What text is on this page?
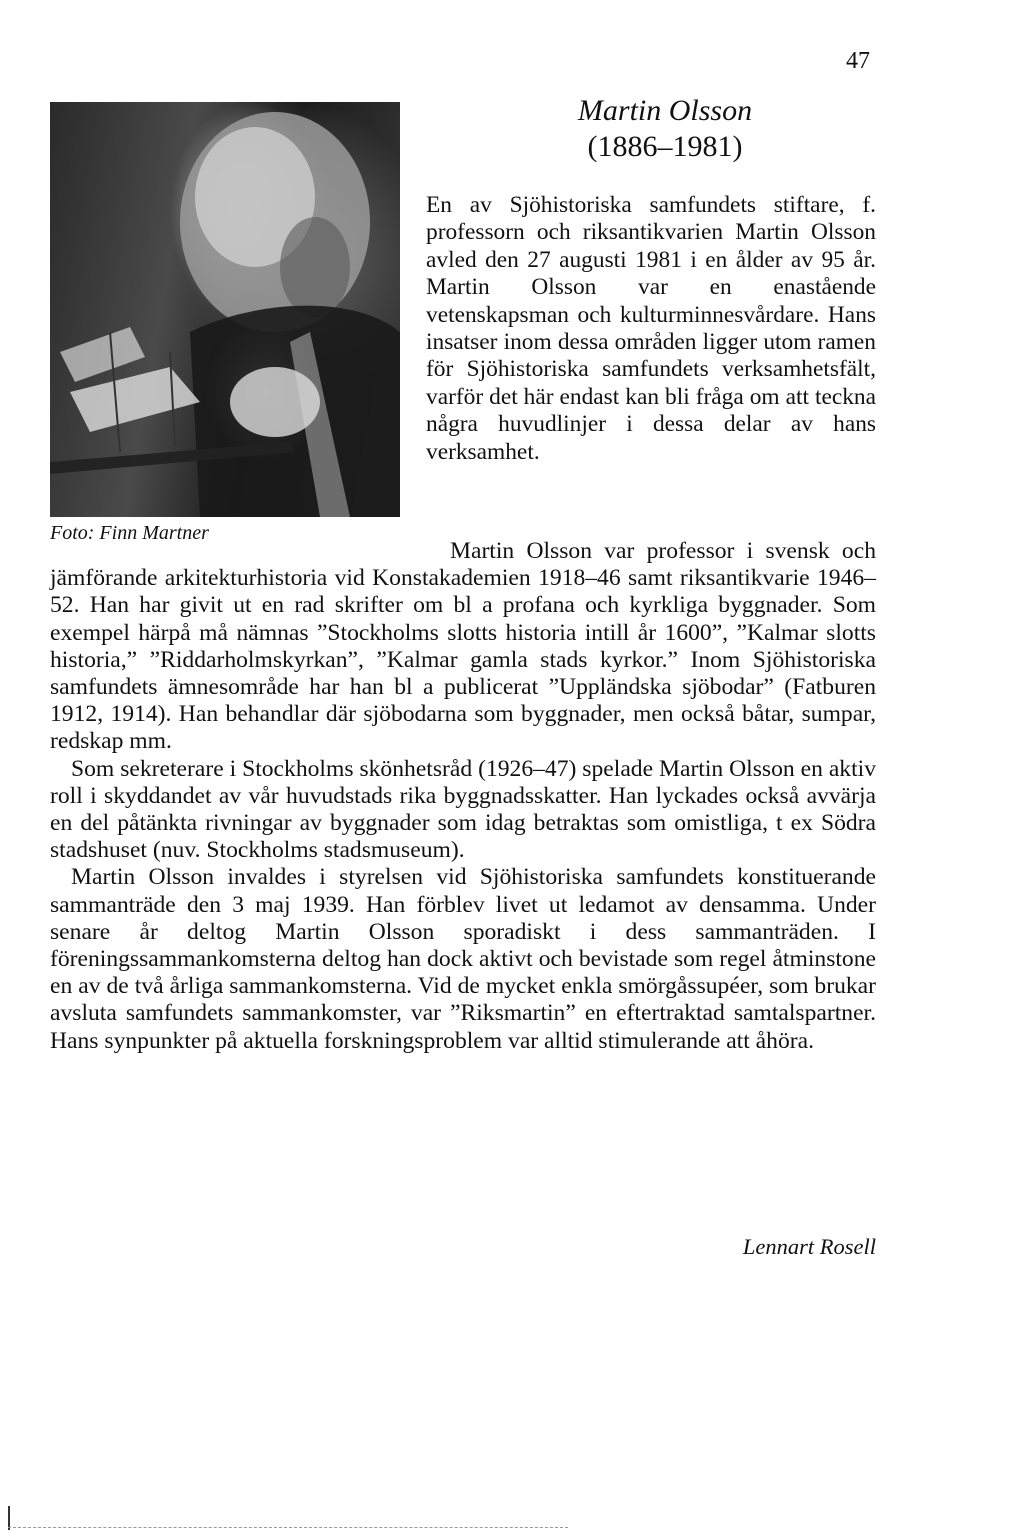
47
Foto: Finn Martner
Martin Olsson
(1886–1981)

En av Sjöhistoriska samfundets stiftare, f. professorn och riksantikvarien Martin Olsson avled den 27 augusti 1981 i en ålder av 95 år. Martin Olsson var en enastående vetenskapsman och kulturminnesvårdare. Hans insatser inom dessa områden ligger utom ramen för Sjöhistoriska samfundets verksamhetsfält, varför det här endast kan bli fråga om att teckna några huvudlinjer i dessa delar av hans verksamhet.

Martin Olsson var professor i svensk och jämförande arkitekturhistoria vid Konstakademien 1918–46 samt riksantikvarie 1946–52. Han har givit ut en rad skrifter om bl a profana och kyrkliga byggnader. Som exempel härpå må nämnas ”Stockholms slotts historia intill år 1600”, ”Kalmar slotts historia,” ”Riddarholmskyrkan”, ”Kalmar gamla stads kyrkor.” Inom Sjöhistoriska samfundets ämnesområde har han bl a publicerat ”Uppländska sjöbodar” (Fatburen 1912, 1914). Han behandlar där sjöbodarna som byggnader, men också båtar, sumpar, redskap mm.

Som sekreterare i Stockholms skönhetsråd (1926–47) spelade Martin Olsson en aktiv roll i skyddandet av vår huvudstads rika byggnadsskatter. Han lyckades också avvärja en del påtänkta rivningar av byggnader som idag betraktas som omistliga, t ex Södra stadshuset (nuv. Stockholms stadsmuseum).

Martin Olsson invaldes i styrelsen vid Sjöhistoriska samfundets konstituerande sammanträde den 3 maj 1939. Han förblev livet ut ledamot av densamma. Under senare år deltog Martin Olsson sporadiskt i dess sammanträden. I föreningssammankomsterna deltog han dock aktivt och bevistade som regel åtminstone en av de två årliga sammankomsterna. Vid de mycket enkla smörgåssupéer, som brukar avsluta samfundets sammankomster, var ”Riksmartin” en eftertraktad samtalspartner. Hans synpunkter på aktuella forskningsproblem var alltid stimulerande att åhöra.

Lennart Rosell
